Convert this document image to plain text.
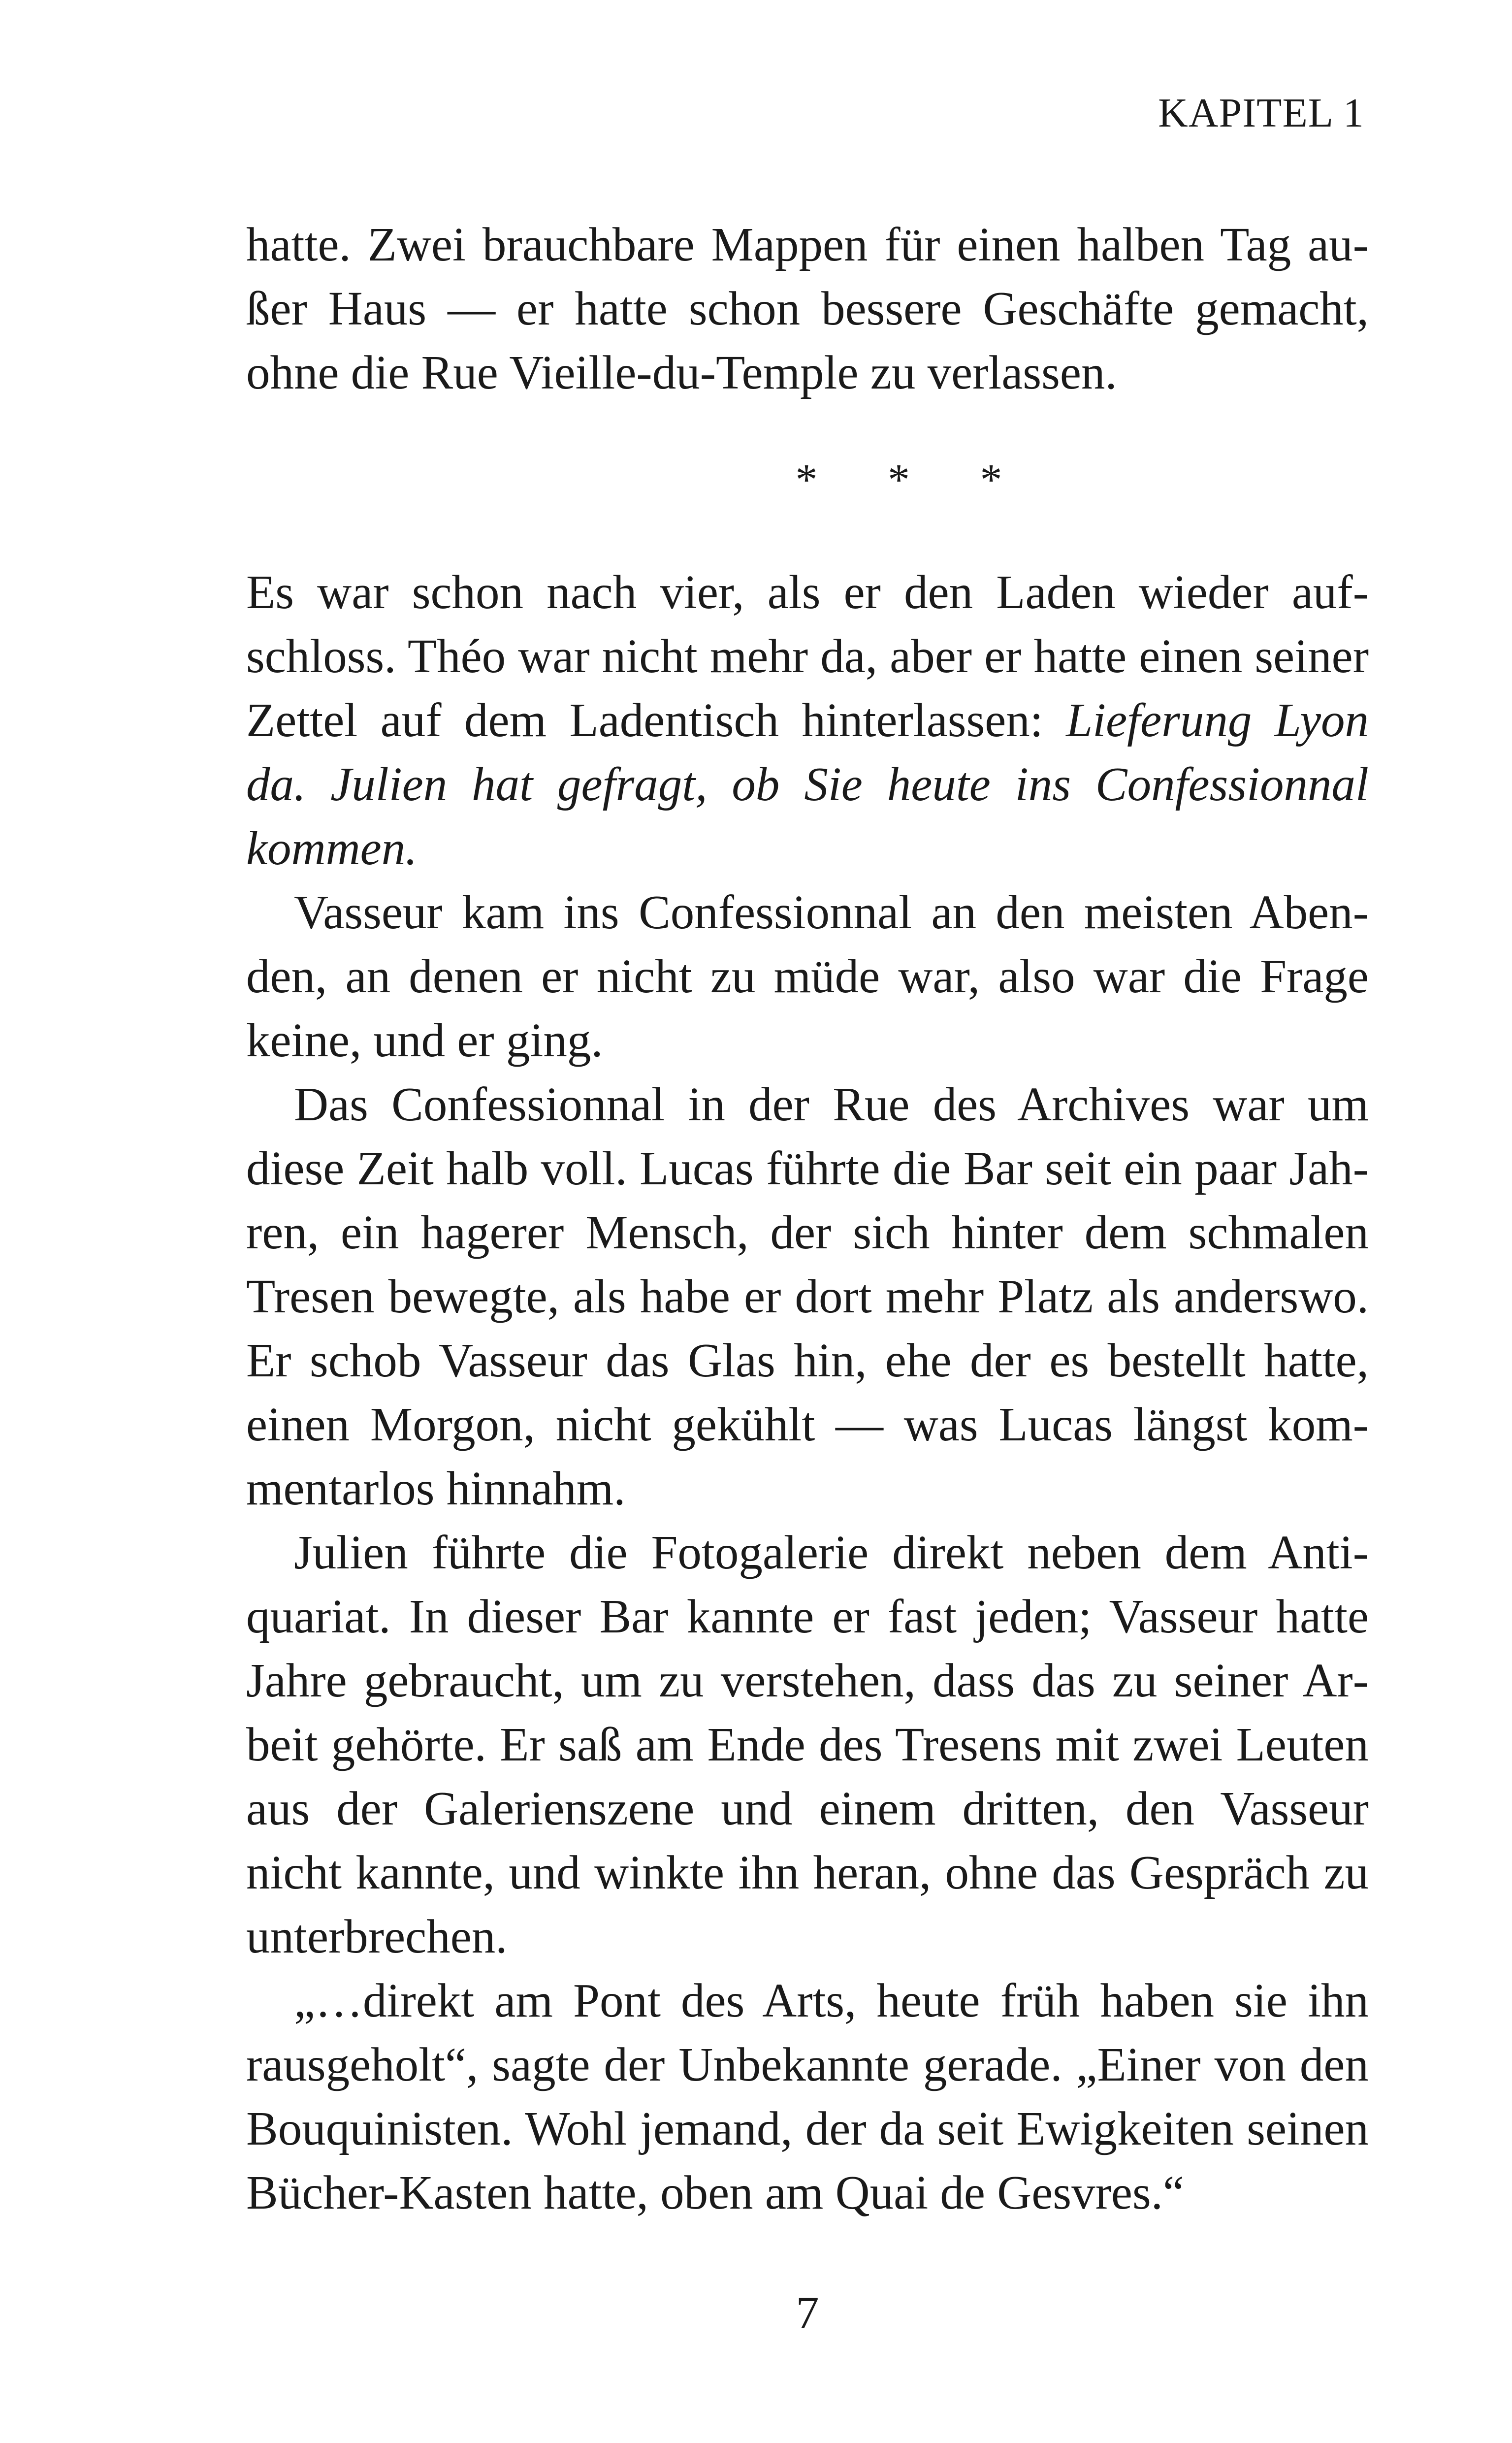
KAPITEL 1

hatte. Zwei brauchbare Mappen für einen halben Tag außer Haus — er hatte schon bessere Geschäfte gemacht, ohne die Rue Vieille-du-Temple zu verlassen.

* * *

Es war schon nach vier, als er den Laden wieder aufschloss. Théo war nicht mehr da, aber er hatte einen seiner Zettel auf dem Ladentisch hinterlassen: Lieferung Lyon da. Julien hat gefragt, ob Sie heute ins Confessionnal kommen.

Vasseur kam ins Confessionnal an den meisten Abenden, an denen er nicht zu müde war, also war die Frage keine, und er ging.

Das Confessionnal in der Rue des Archives war um diese Zeit halb voll. Lucas führte die Bar seit ein paar Jahren, ein hagerer Mensch, der sich hinter dem schmalen Tresen bewegte, als habe er dort mehr Platz als anderswo. Er schob Vasseur das Glas hin, ehe der es bestellt hatte, einen Morgon, nicht gekühlt — was Lucas längst kommentarlos hinnahm.

Julien führte die Fotogalerie direkt neben dem Antiquariat. In dieser Bar kannte er fast jeden; Vasseur hatte Jahre gebraucht, um zu verstehen, dass das zu seiner Arbeit gehörte. Er saß am Ende des Tresens mit zwei Leuten aus der Galerienszene und einem dritten, den Vasseur nicht kannte, und winkte ihn heran, ohne das Gespräch zu unterbrechen.

„…direkt am Pont des Arts, heute früh haben sie ihn rausgeholt“, sagte der Unbekannte gerade. „Einer von den Bouquinisten. Wohl jemand, der da seit Ewigkeiten seinen Bücher-Kasten hatte, oben am Quai de Gesvres.“

7
